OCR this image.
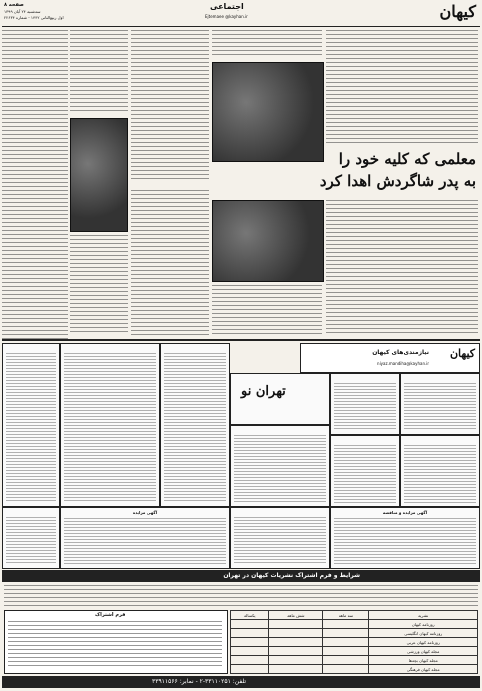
کیهان
اجتماعی
Ejtemaee @kayhan.ir
صفحه ۸
سه‌شنبه ۲۴ آبان ۱۳۹۹
اول ربیع‌الثانی ۱۴۴۲ - شماره ۲۲۶۳۴
معلمی که کلیه خود را
به پدر شاگردش اهدا کرد
کیهان
نیازمندی‌های کیهان
niyaz.mandiha@kayhan.ir
تهران نو
آگهی مزایده و مناقصه
آگهی مزایده
شرایط و فرم اشتراک نشریات کیهان در تهران
یکساله	شش ماهه	سه ماهه	نشریه
			روزنامه کیهان
			روزنامه کیهان انگلیسی
			روزنامه کیهان عربی
			مجله کیهان ورزشی
			مجله کیهان بچه‌ها
			مجله کیهان فرهنگی
فرم اشتراک
تلفن: ۳۳۱۱۰۲۵۱-۲ - نمابر: ۳۳۹۱۱۵۶۶
